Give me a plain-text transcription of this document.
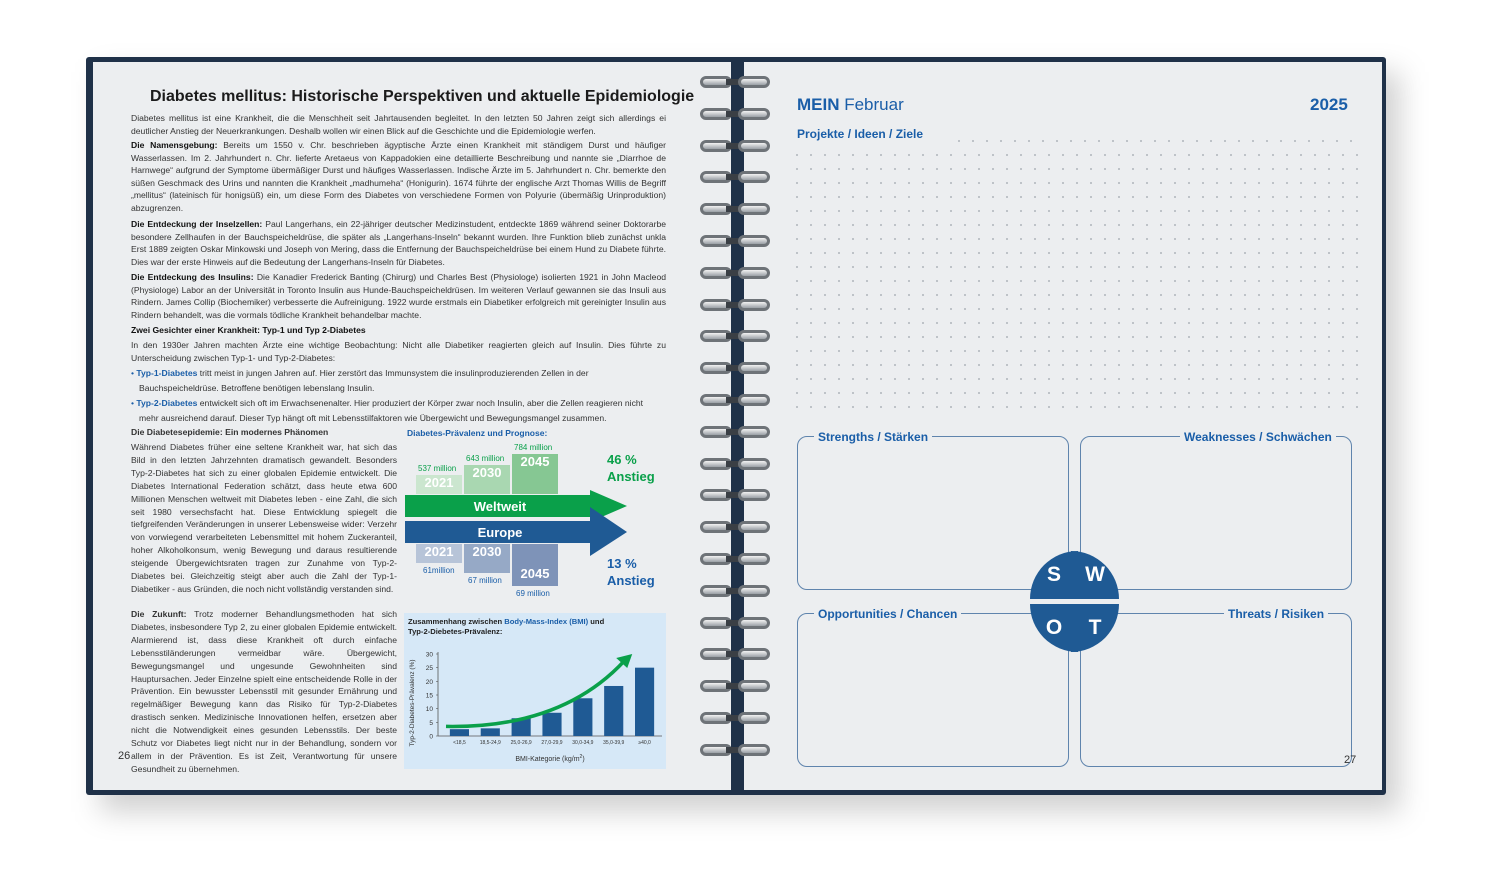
Diabetes mellitus: Historische Perspektiven und aktuelle Epidemiologie
Diabetes mellitus ist eine Krankheit, die die Menschheit seit Jahrtausenden begleitet. In den letzten 50 Jahren zeigt sich allerdings ei deutlicher Anstieg der Neuerkrankungen. Deshalb wollen wir einen Blick auf die Geschichte und die Epidemiologie werfen.
Die Namensgebung: Bereits um 1550 v. Chr. beschrieben ägyptische Ärzte einen Krankheit mit ständigem Durst und häufiger Wasserlassen. Im 2. Jahrhundert n. Chr. lieferte Aretaeus von Kappadokien eine detaillierte Beschreibung und nannte sie „Diarrhoe de Harnwege“ aufgrund der Symptome übermäßiger Durst und häufiges Wasserlassen. Indische Ärzte im 5. Jahrhundert n. Chr. bemerkte den süßen Geschmack des Urins und nannten die Krankheit „madhumeha“ (Honigurin). 1674 führte der englische Arzt Thomas Willis de Begriff „mellitus“ (lateinisch für honigsüß) ein, um diese Form des Diabetes von verschiedene Formen von Polyurie (übermäßig Urinproduktion) abzugrenzen.
Die Entdeckung der Inselzellen: Paul Langerhans, ein 22-jähriger deutscher Medizinstudent, entdeckte 1869 während seiner Doktorarbe besondere Zellhaufen in der Bauchspeicheldrüse, die später als „Langerhans-Inseln“ bekannt wurden. Ihre Funktion blieb zunächst unkla Erst 1889 zeigten Oskar Minkowski und Joseph von Mering, dass die Entfernung der Bauchspeicheldrüse bei einem Hund zu Diabete führte. Dies war der erste Hinweis auf die Bedeutung der Langerhans-Inseln für Diabetes.
Die Entdeckung des Insulins: Die Kanadier Frederick Banting (Chirurg) und Charles Best (Physiologe) isolierten 1921 in John Macleod (Physiologe) Labor an der Universität in Toronto Insulin aus Hunde-Bauchspeicheldrüsen. Im weiteren Verlauf gewannen sie das Insuli aus Rindern. James Collip (Biochemiker) verbesserte die Aufreinigung. 1922 wurde erstmals ein Diabetiker erfolgreich mit gereinigter Insulin aus Rindern behandelt, was die vormals tödliche Krankheit behandelbar machte.
Zwei Gesichter einer Krankheit: Typ-1 und Typ 2-Diabetes
In den 1930er Jahren machten Ärzte eine wichtige Beobachtung: Nicht alle Diabetiker reagierten gleich auf Insulin. Dies führte zu Unterscheidung zwischen Typ-1- und Typ-2-Diabetes:
• Typ-1-Diabetes tritt meist in jungen Jahren auf. Hier zerstört das Immunsystem die insulinproduzierenden Zellen in der
Bauchspeicheldrüse. Betroffene benötigen lebenslang Insulin.
• Typ-2-Diabetes entwickelt sich oft im Erwachsenenalter. Hier produziert der Körper zwar noch Insulin, aber die Zellen reagieren nicht
mehr ausreichend darauf. Dieser Typ hängt oft mit Lebensstilfaktoren wie Übergewicht und Bewegungsmangel zusammen.
Die Diabetesepidemie: Ein modernes Phänomen
Während Diabetes früher eine seltene Krankheit war, hat sich das Bild in den letzten Jahrzehnten dramatisch gewandelt. Besonders Typ-2-Diabetes hat sich zu einer globalen Epidemie entwickelt. Die Diabetes International Federation schätzt, dass heute etwa 600 Millionen Menschen weltweit mit Diabetes leben - eine Zahl, die sich seit 1980 versechsfacht hat. Diese Entwicklung spiegelt die tiefgreifenden Veränderungen in unserer Lebensweise wider: Verzehr von vorwiegend verarbeiteten Lebensmittel mit hohem Zuckeranteil, hoher Alkoholkonsum, wenig Bewegung und daraus resultierende steigende Übergewichtsraten tragen zur Zunahme von Typ-2-Diabetes bei. Gleichzeitig steigt aber auch die Zahl der Typ-1-Diabetiker - aus Gründen, die noch nicht vollständig verstanden sind.
Die Zukunft: Trotz moderner Behandlungsmethoden hat sich Diabetes, insbesondere Typ 2, zu einer globalen Epidemie entwickelt. Alarmierend ist, dass diese Krankheit oft durch einfache Lebensstiländerungen vermeidbar wäre. Übergewicht, Bewegungsmangel und ungesunde Gewohnheiten sind Hauptursachen. Jeder Einzelne spielt eine entscheidende Rolle in der Prävention. Ein bewusster Lebensstil mit gesunder Ernährung und regelmäßiger Bewegung kann das Risiko für Typ-2-Diabetes drastisch senken. Medizinische Innovationen helfen, ersetzen aber nicht die Notwendigkeit eines gesunden Lebensstils. Der beste Schutz vor Diabetes liegt nicht nur in der Behandlung, sondern vor allem in der Prävention. Es ist Zeit, Verantwortung für unsere Gesundheit zu übernehmen.
26
Diabetes-Prävalenz und Prognose:
2021
2030
2045
537 million
643 million
784 million
Weltweit
Europe
2021	2030
2045
61million
67 million
69 million
46 %
Anstieg
13 %
Anstieg
Zusammenhang zwischen Body-Mass-Index (BMI) und
Typ-2-Diebetes-Prävalenz:
0
5
10
15
20
25
30
<18,5	18,5-24,9 25,0-26,9 27,0-29,9 30,0-34,9 35,0-39,9	≥40,0
Typ-2-Diabetes-Prävalenz (%)
BMI-Kategorie $(kg/m^2)$
MEIN Februar	2025
Projekte / Ideen / Ziele
Strengths / Stärken	Weaknesses / Schwächen
Opportunities / Chancen	Threats / Risiken
S	W
O	T
27
